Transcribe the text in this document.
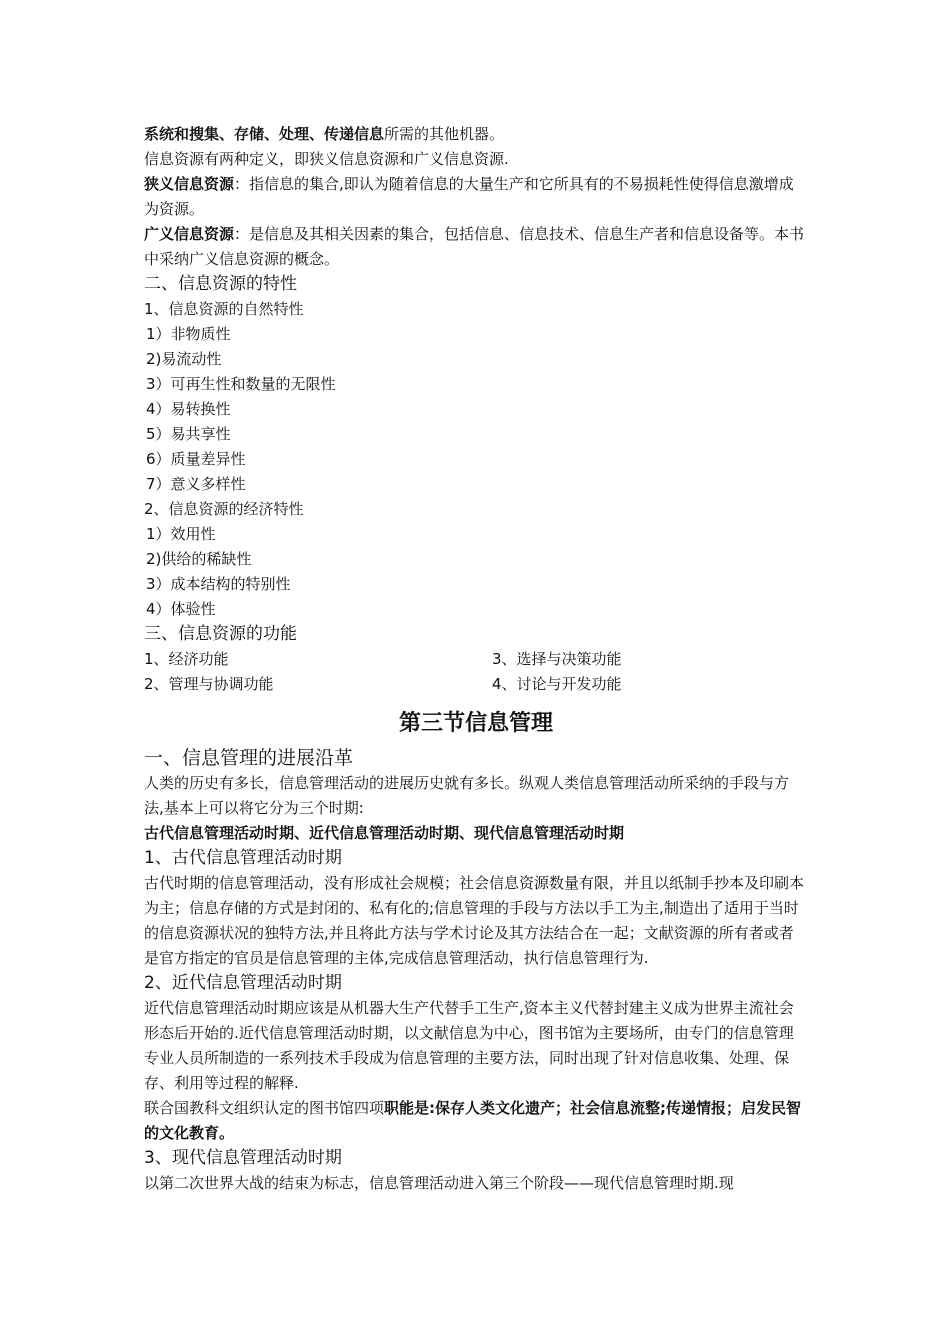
系统和搜集、存储、处理、传递信息所需的其他机器。

信息资源有两种定义，即狭义信息资源和广义信息资源.

狭义信息资源：指信息的集合,即认为随着信息的大量生产和它所具有的不易损耗性使得信息激增成为资源。

广义信息资源：是信息及其相关因素的集合，包括信息、信息技术、信息生产者和信息设备等。本书中采纳广义信息资源的概念。

二、信息资源的特性

1、信息资源的自然特性

1）非物质性

2)易流动性

3）可再生性和数量的无限性

4）易转换性

5）易共享性

6）质量差异性

7）意义多样性

2、信息资源的经济特性

1）效用性

2)供给的稀缺性

3）成本结构的特别性

4）体验性

三、信息资源的功能

1、经济功能	3、选择与决策功能
2、管理与协调功能	4、讨论与开发功能
第三节信息管理

一、信息管理的进展沿革

人类的历史有多长，信息管理活动的进展历史就有多长。纵观人类信息管理活动所采纳的手段与方法,基本上可以将它分为三个时期:

古代信息管理活动时期、近代信息管理活动时期、现代信息管理活动时期

1、古代信息管理活动时期

古代时期的信息管理活动，没有形成社会规模；社会信息资源数量有限，并且以纸制手抄本及印刷本为主；信息存储的方式是封闭的、私有化的;信息管理的手段与方法以手工为主,制造出了适用于当时的信息资源状况的独特方法,并且将此方法与学术讨论及其方法结合在一起；文献资源的所有者或者是官方指定的官员是信息管理的主体,完成信息管理活动，执行信息管理行为.

2、近代信息管理活动时期

近代信息管理活动时期应该是从机器大生产代替手工生产,资本主义代替封建主义成为世界主流社会形态后开始的.近代信息管理活动时期，以文献信息为中心，图书馆为主要场所，由专门的信息管理专业人员所制造的一系列技术手段成为信息管理的主要方法，同时出现了针对信息收集、处理、保存、利用等过程的解释.

联合国教科文组织认定的图书馆四项职能是:保存人类文化遗产；社会信息流整;传递情报；启发民智的文化教育。

3、现代信息管理活动时期

以第二次世界大战的结束为标志，信息管理活动进入第三个阶段——现代信息管理时期.现
